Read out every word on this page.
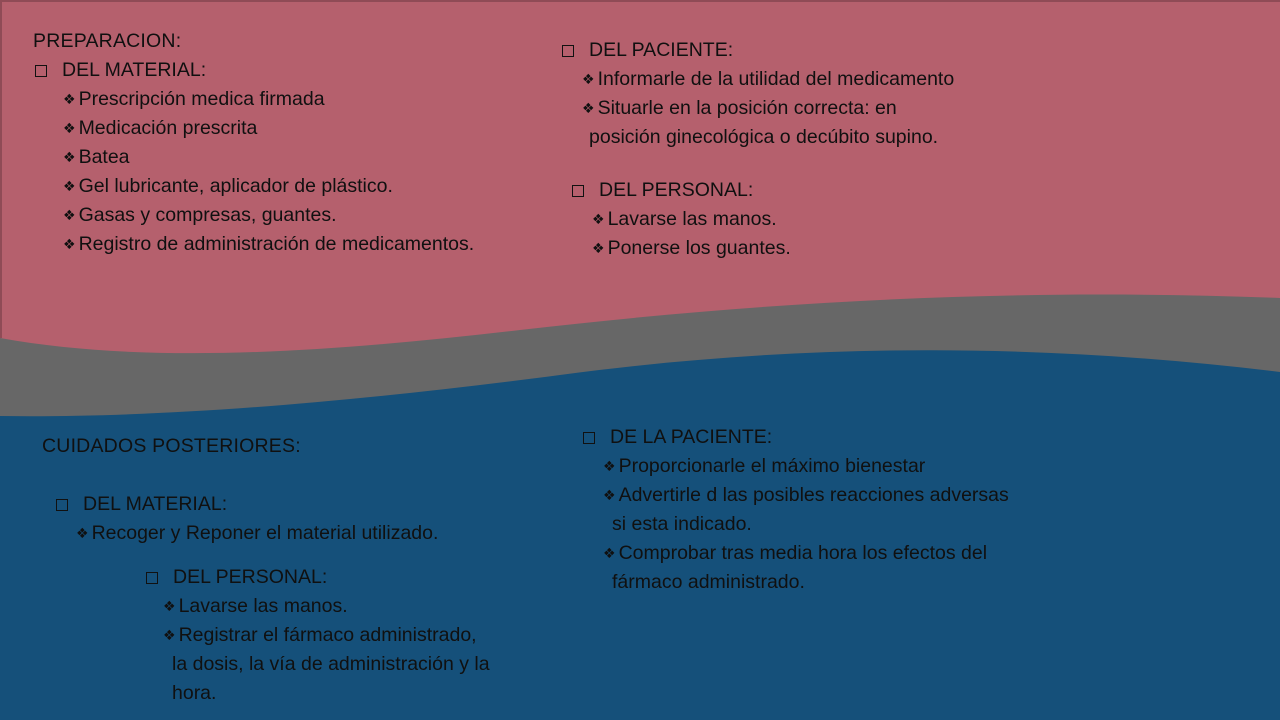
PREPARACION:
DEL MATERIAL:
❖ Prescripción medica firmada
❖ Medicación prescrita
❖ Batea
❖ Gel lubricante, aplicador de plástico.
❖ Gasas y compresas, guantes.
❖ Registro de administración de medicamentos.
DEL PACIENTE:
❖ Informarle de la utilidad del medicamento
❖ Situarle en la posición correcta: en
posición ginecológica o decúbito supino.
DEL PERSONAL:
❖ Lavarse las manos.
❖ Ponerse los guantes.
CUIDADOS POSTERIORES:
DEL MATERIAL:
❖ Recoger y Reponer el material utilizado.
DEL PERSONAL:
❖ Lavarse las manos.
❖ Registrar el fármaco administrado,
la dosis, la vía de administración y la
hora.
DE LA PACIENTE:
❖ Proporcionarle el máximo bienestar
❖ Advertirle d las posibles reacciones adversas
si esta indicado.
❖ Comprobar tras media hora los efectos del
fármaco administrado.
